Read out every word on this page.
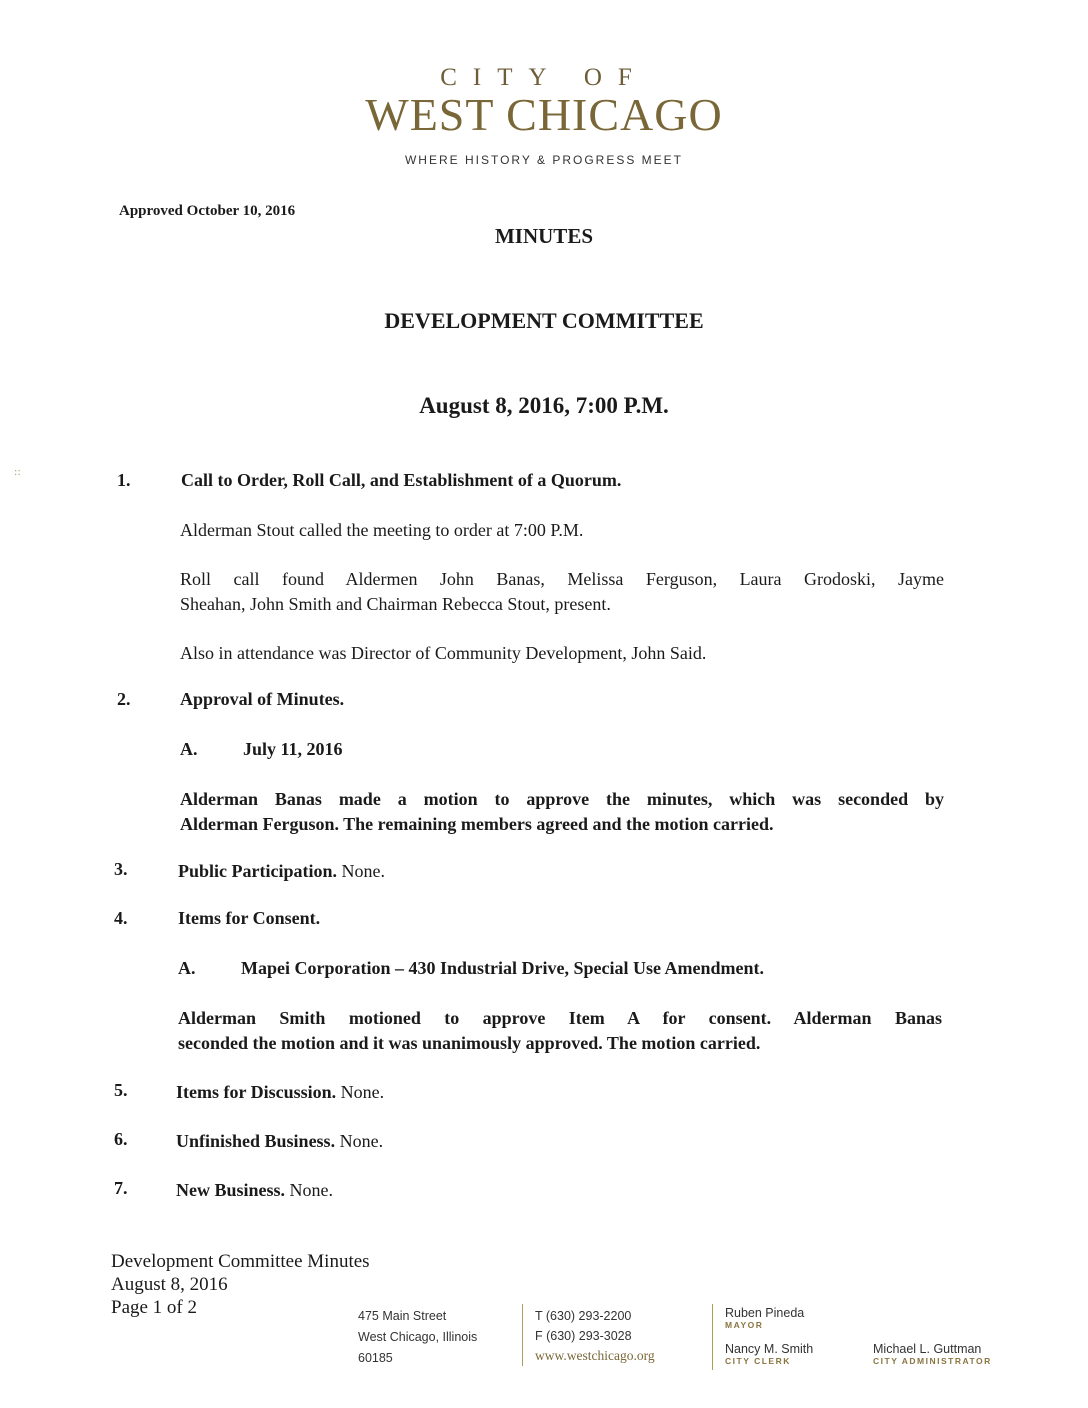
CITY OF
WEST CHICAGO
WHERE HISTORY & PROGRESS MEET
Approved October 10, 2016
MINUTES
DEVELOPMENT COMMITTEE
August 8, 2016, 7:00 P.M.
::	1.	Call to Order, Roll Call, and Establishment of a Quorum.
Alderman Stout called the meeting to order at 7:00 P.M.
Roll call found Aldermen John Banas, Melissa Ferguson, Laura Grodoski, Jayme
Sheahan, John Smith and Chairman Rebecca Stout, present.
Also in attendance was Director of Community Development, John Said.
2.	Approval of Minutes.
A.	July 11, 2016
Alderman Banas made a motion to approve the minutes, which was seconded by
Alderman Ferguson. The remaining members agreed and the motion carried.
3.	Public Participation. None.
4.	Items for Consent.
A.	Mapei Corporation – 430 Industrial Drive, Special Use Amendment.
Alderman Smith motioned to approve Item A for consent. Alderman Banas
seconded the motion and it was unanimously approved. The motion carried.
5.	Items for Discussion. None.
6.	Unfinished Business. None.
7.	New Business. None.
Development Committee Minutes
August 8, 2016
Page 1 of 2	475 Main Street
West Chicago, Illinois
60185
T (630) 293-2200
F (630) 293-3028
www.westchicago.org
Ruben Pineda
MAYOR
Nancy M. Smith
CITY CLERK
Michael L. Guttman
CITY ADMINISTRATOR
